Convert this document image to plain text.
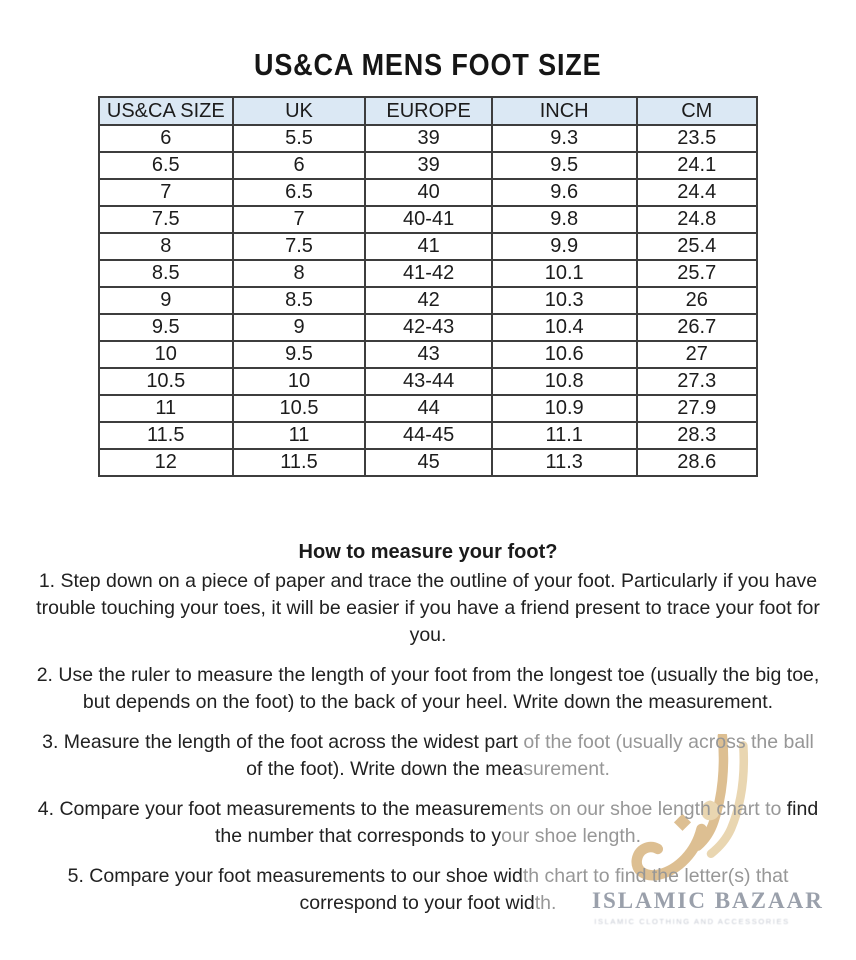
US&CA MENS FOOT SIZE
US&CA SIZE	UK	EUROPE	INCH	CM
6	5.5	39	9.3	23.5
6.5	6	39	9.5	24.1
7	6.5	40	9.6	24.4
7.5	7	40-41	9.8	24.8
8	7.5	41	9.9	25.4
8.5	8	41-42	10.1	25.7
9	8.5	42	10.3	26
9.5	9	42-43	10.4	26.7
10	9.5	43	10.6	27
10.5	10	43-44	10.8	27.3
11	10.5	44	10.9	27.9
11.5	11	44-45	11.1	28.3
12	11.5	45	11.3	28.6
How to measure your foot?

1. Step down on a piece of paper and trace the outline of your foot. Particularly if you have trouble touching your toes, it will be easier if you have a friend present to trace your foot for you.

2. Use the ruler to measure the length of your foot from the longest toe (usually the big toe, but depends on the foot) to the back of your heel. Write down the measurement.

3. Measure the length of the foot across the widest part of the foot (usually across the ball of the foot). Write down the measurement.

4. Compare your foot measurements to the measurements on our shoe length chart to find the number that corresponds to your shoe length.

5. Compare your foot measurements to our shoe width chart to find the letter(s) that correspond to your foot width.	ISLAMIC BAZAAR
ISLAMIC CLOTHING AND ACCESSORIES
